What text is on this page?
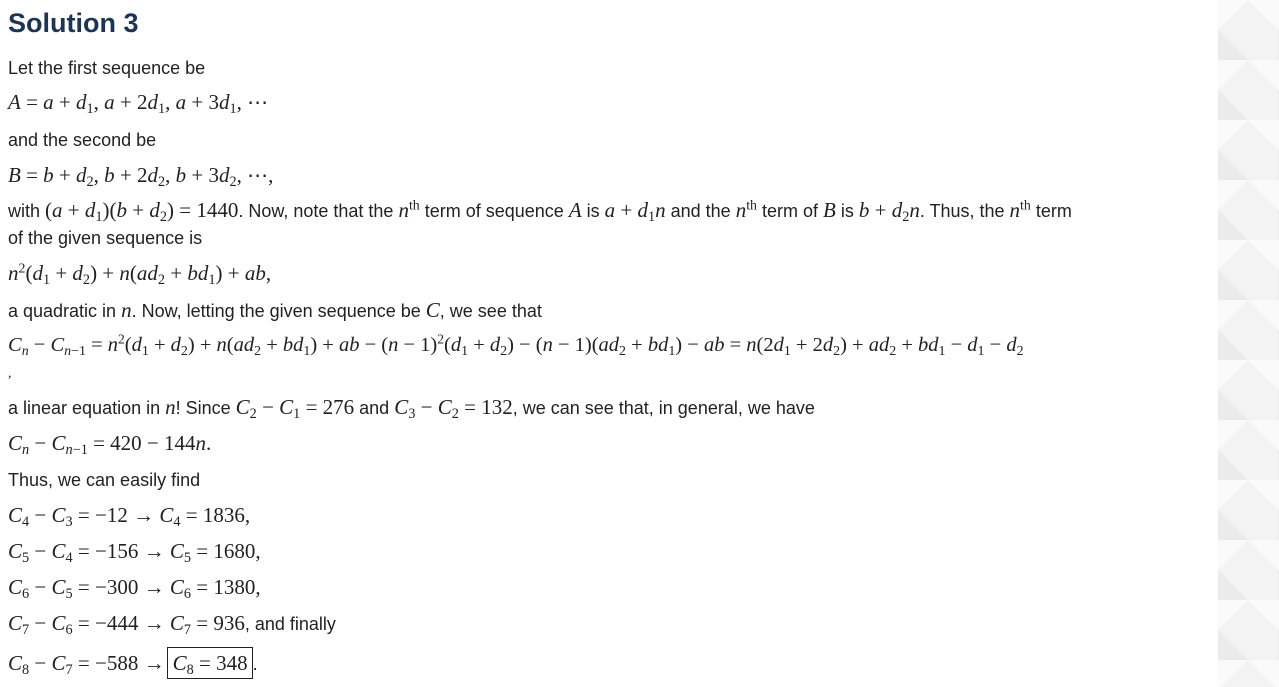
Solution 3
Let the first sequence be
$A = a + d_1$, $a + 2d_1$, $a + 3d_1$, ⋯
and the second be
$B = b + d_2$, $b + 2d_2$, $b + 3d_2$, ⋯,
with $(a + d_1)(b + d_2) = 1440$. Now, note that the $n^{th}$ term of sequence A is $a + d_1n$ and the $n^{th}$ term of B is $b + d_2n$. Thus, the $n^{th}$ term
of the given sequence is
$n^2(d_1 + d_2) + n(ad_2 + bd_1)$ + ab,
a quadratic in n. Now, letting the given sequence be C, we see that
$C_n - C_{n-1} = n^2(d_1 + d_2) + n(ad_2 + bd_1)$ + ab − $(n - 1)^2(d_1 + d_2) - (n - 1)(ad_2 + bd_1)$ − ab = $n(2d_1 + 2d_2) + ad_2 + bd_1 - d_1 - d_2$
,
a linear equation in n! Since $C_2 - C_1 = 276$ and $C_3 - C_2 = 132$, we can see that, in general, we have
$C_n - C_{n-1} = 420 - 144n$.
Thus, we can easily find
$C_4 - C_3 = -12 \to C_4 = 1836$,
$C_5 - C_4 = -156 \to C_5 = 1680$,
$C_6 - C_5 = -300 \to C_6 = 1380$,
$C_7 - C_6 = -444 \to C_7 = 936$, and finally
$C_8 - C_7 = -588 \to C_8 = 348$ .
